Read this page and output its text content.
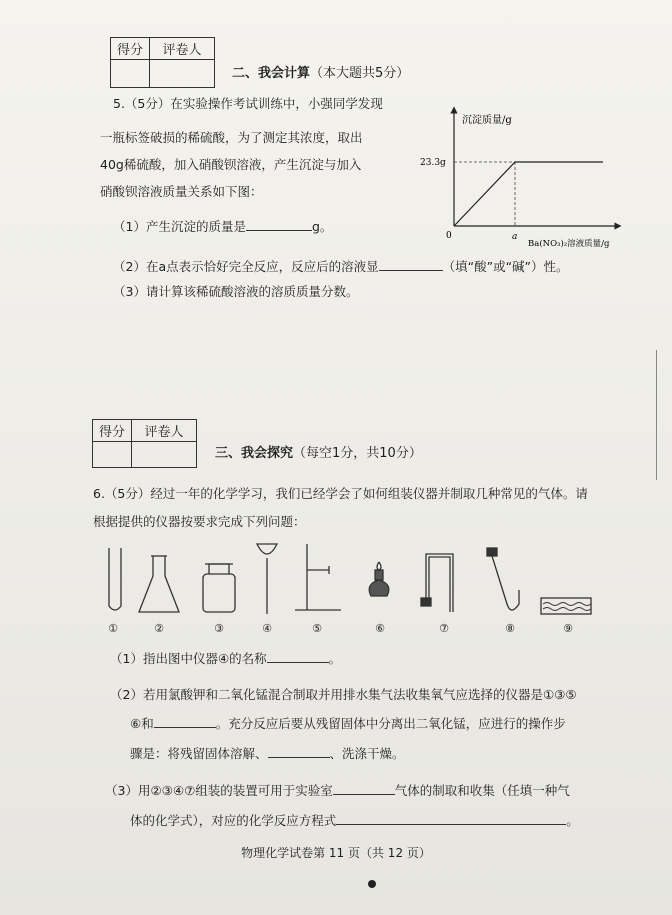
得分	评卷人

二、我会计算（本大题共5分）
5.（5分）在实验操作考试训练中，小强同学发现
一瓶标签破损的稀硫酸，为了测定其浓度，取出
40g稀硫酸，加入硝酸钡溶液，产生沉淀与加入
硝酸钡溶液质量关系如下图：
（1）产生沉淀的质量是	g。
（2）在a点表示恰好完全反应，反应后的溶液显	（填“酸”或“碱”）性。
（3）请计算该稀硫酸溶液的溶质质量分数。
沉淀质量/g
23.3g
0	a
Ba(NO₃)₂溶液质量/g
得分	评卷人

三、我会探究（每空1分，共10分）
6.（5分）经过一年的化学学习，我们已经学会了如何组装仪器并制取几种常见的气体。请
根据提供的仪器按要求完成下列问题：
①	②	③	④	⑤	⑥	⑦	⑧	⑨
（1）指出图中仪器④的名称	。
（2）若用氯酸钾和二氧化锰混合制取并用排水集气法收集氧气应选择的仪器是①③⑤
⑥和	。充分反应后要从残留固体中分离出二氧化锰，应进行的操作步
骤是：将残留固体溶解、	、洗涤干燥。
（3）用②③④⑦组装的装置可用于实验室	气体的制取和收集（任填一种气
体的化学式），对应的化学反应方程式	。
物理化学试卷第 11 页（共 12 页）
